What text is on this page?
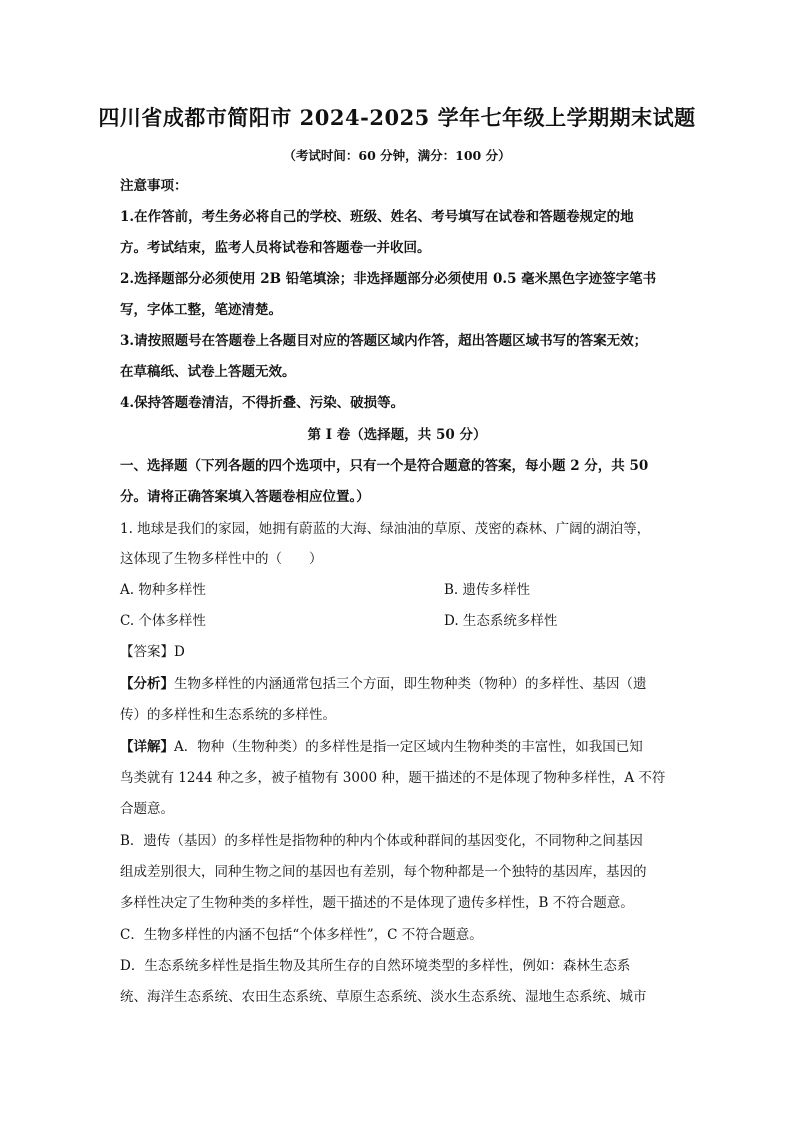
四川省成都市简阳市 2024-2025 学年七年级上学期期末试题
（考试时间：60 分钟，满分：100 分）
注意事项：
1.在作答前，考生务必将自己的学校、班级、姓名、考号填写在试卷和答题卷规定的地
方。考试结束，监考人员将试卷和答题卷一并收回。
2.选择题部分必须使用 2B 铅笔填涂；非选择题部分必须使用 0.5 毫米黑色字迹签字笔书
写，字体工整，笔迹清楚。
3.请按照题号在答题卷上各题目对应的答题区域内作答，超出答题区域书写的答案无效；
在草稿纸、试卷上答题无效。
4.保持答题卷清洁，不得折叠、污染、破损等。
第 I 卷（选择题，共 50 分）
一、选择题（下列各题的四个选项中，只有一个是符合题意的答案，每小题 2 分，共 50
分。请将正确答案填入答题卷相应位置。）
1. 地球是我们的家园，她拥有蔚蓝的大海、绿油油的草原、茂密的森林、广阔的湖泊等，
这体现了生物多样性中的（　　）
A. 物种多样性	B. 遗传多样性
C. 个体多样性	D. 生态系统多样性
【答案】D
【分析】生物多样性的内涵通常包括三个方面，即生物种类（物种）的多样性、基因（遗
传）的多样性和生态系统的多样性。
【详解】A．物种（生物种类）的多样性是指一定区域内生物种类的丰富性，如我国已知
鸟类就有 1244 种之多，被子植物有 3000 种，题干描述的不是体现了物种多样性，A 不符
合题意。
B．遗传（基因）的多样性是指物种的种内个体或种群间的基因变化，不同物种之间基因
组成差别很大，同种生物之间的基因也有差别，每个物种都是一个独特的基因库，基因的
多样性决定了生物种类的多样性，题干描述的不是体现了遗传多样性，B 不符合题意。
C．生物多样性的内涵不包括“个体多样性”，C 不符合题意。
D．生态系统多样性是指生物及其所生存的自然环境类型的多样性，例如：森林生态系
统、海洋生态系统、农田生态系统、草原生态系统、淡水生态系统、湿地生态系统、城市
